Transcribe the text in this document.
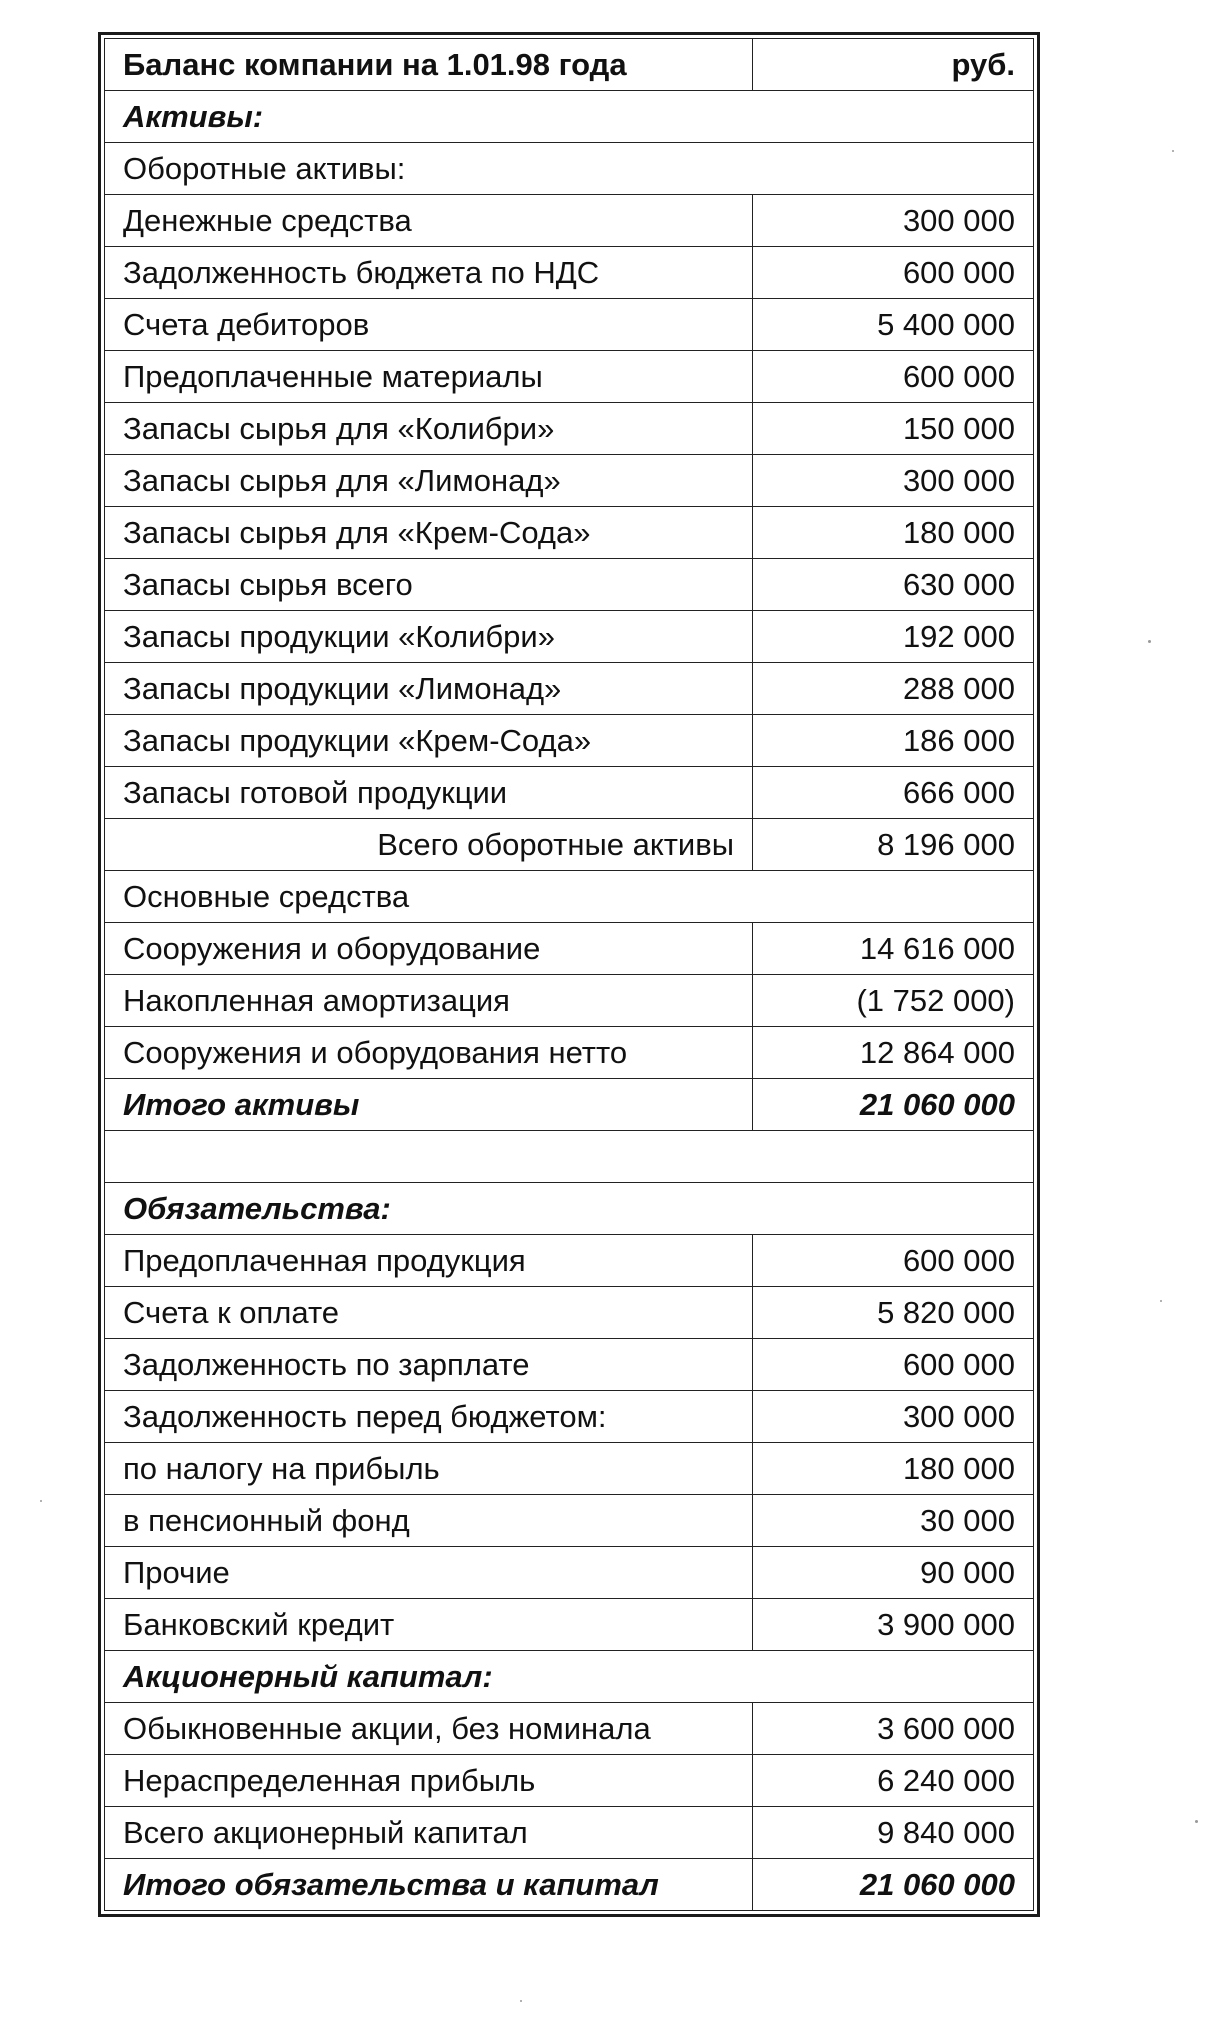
Баланс компании на 1.01.98 года	руб.
Активы:	
Оборотные активы:	
Денежные средства	300 000
Задолженность бюджета по НДС	600 000
Счета дебиторов	5 400 000
Предоплаченные материалы	600 000
Запасы сырья для «Колибри»	150 000
Запасы сырья для «Лимонад»	300 000
Запасы сырья для «Крем-Сода»	180 000
Запасы сырья всего	630 000
Запасы продукции «Колибри»	192 000
Запасы продукции «Лимонад»	288 000
Запасы продукции «Крем-Сода»	186 000
Запасы готовой продукции	666 000
Всего оборотные активы	8 196 000
Основные средства	
Сооружения и оборудование	14 616 000
Накопленная амортизация	(1 752 000)
Сооружения и оборудования нетто	12 864 000
Итого активы	21 060 000

Обязательства:	
Предоплаченная продукция	600 000
Счета к оплате	5 820 000
Задолженность по зарплате	600 000
Задолженность перед бюджетом:	300 000
по налогу на прибыль	180 000
в пенсионный фонд	30 000
Прочие	90 000
Банковский кредит	3 900 000
Акционерный капитал:	
Обыкновенные акции, без номинала	3 600 000
Нераспределенная прибыль	6 240 000
Всего акционерный капитал	9 840 000
Итого обязательства и капитал	21 060 000
